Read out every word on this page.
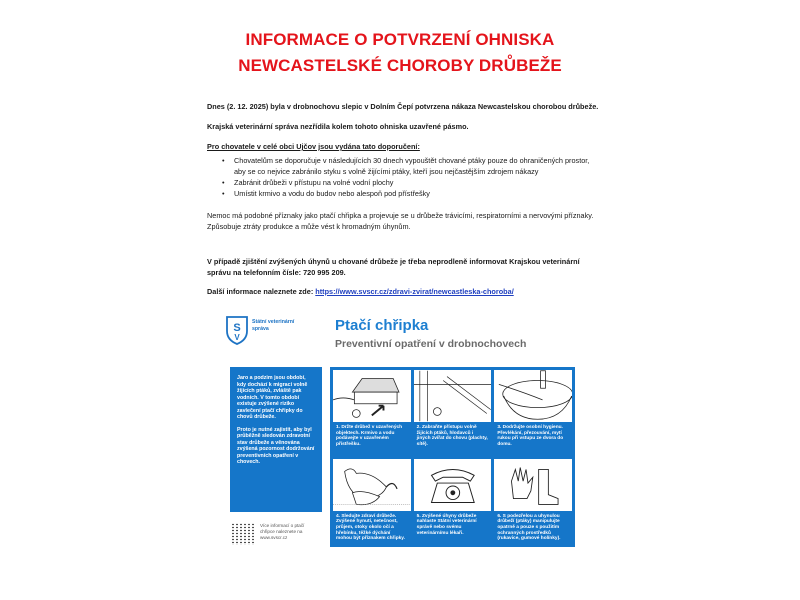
INFORMACE O POTVRZENÍ OHNISKA
NEWCASTELSKÉ CHOROBY DRŮBEŽE

Dnes (2. 12. 2025) byla v drobnochovu slepic v Dolním Čepí potvrzena nákaza Newcastelskou chorobou drůbeže.

Krajská veterinární správa nezřídila kolem tohoto ohniska uzavřené pásmo.

Pro chovatele v celé obci Ujčov jsou vydána tato doporučení:

• Chovatelům se doporučuje v následujících 30 dnech vypouštět chované ptáky pouze do ohraničených prostor, aby se co nejvice zabránilo styku s volně žijícími ptáky, kteří jsou nejčastějším zdrojem nákazy
• Zabránit drůbeži v přístupu na volné vodní plochy
• Umístit krmivo a vodu do budov nebo alespoň pod přístřešky

Nemoc má podobné příznaky jako ptačí chřipka a projevuje se u drůbeže trávicími, respiratorními a nervovými příznaky. Způsobuje ztráty produkce a může vést k hromadným úhynům.

V případě zjištění zvýšených úhynů u chované drůbeže je třeba neprodleně informovat Krajskou veterinární správu na telefonním čísle: 720 995 209.

Další informace naleznete zde: https://www.svscr.cz/zdravi-zvirat/newcastleska-choroba/

S
V
Státní veterinární správa	Ptačí chřipka
Preventivní opatření v drobnochovech

Jaro a podzim jsou období, kdy dochází k migraci volně žijících ptáků, zvláště pak vodních. V tomto období existuje zvýšené riziko zavlečení ptačí chřipky do chovů drůbeže.

Proto je nutné zajistit, aby byl průběžně sledován zdravotní stav drůbeže a věnována zvýšená pozornost dodržování preventivních opatření v chovech.

Více informací o ptačí chřipce naleznete na www.svscr.cz
1. Držte drůbež v uzavřených objektech. Krmivo a vodu podávejte v uzavřeném přístřešku.
2. Zabraňte přístupu volně žijících ptáků, hlodavců i jiných zvířat do chovu (plachty, sítě).
3. Dodržujte osobní hygienu. Převlékání, přezouvání, mytí rukou při vstupu ze dvora do domu.
4. Sledujte zdraví drůbeže. Zvýšené hynutí, netečnost, průjem, otoky okolo očí a hřebínku, těžké dýchání mohou být příznakem chřipky.
5. Zvýšené úhyny drůbeže nahlaste Státní veterinární správě nebo svému veterinárnímu lékaři.
6. S podezřelou a uhynulou drůbeží (ptáky) manipulujte opatrně a pouze s použitím ochranných prostředků (rukavice, gumové holínky).
